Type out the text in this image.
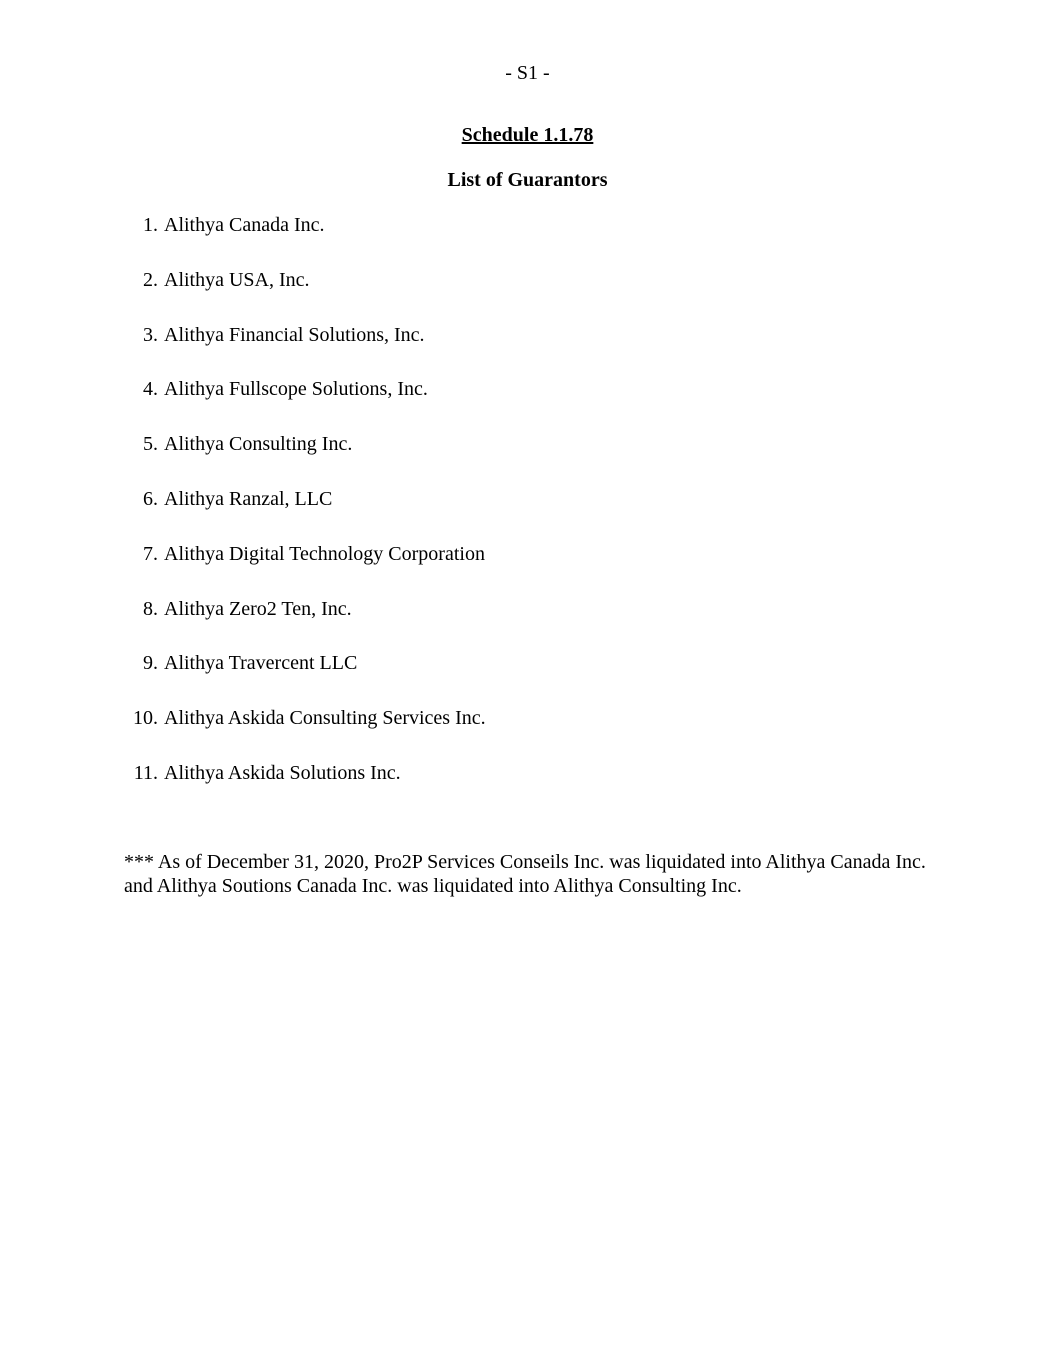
- S1 -
Schedule 1.1.78
List of Guarantors
1. Alithya Canada Inc.
2. Alithya USA, Inc.
3. Alithya Financial Solutions, Inc.
4. Alithya Fullscope Solutions, Inc.
5. Alithya Consulting Inc.
6. Alithya Ranzal, LLC
7. Alithya Digital Technology Corporation
8. Alithya Zero2 Ten, Inc.
9. Alithya Travercent LLC
10. Alithya Askida Consulting Services Inc.
11. Alithya Askida Solutions Inc.

*** As of December 31, 2020, Pro2P Services Conseils Inc. was liquidated into Alithya Canada Inc. and Alithya Soutions Canada Inc. was liquidated into Alithya Consulting Inc.
